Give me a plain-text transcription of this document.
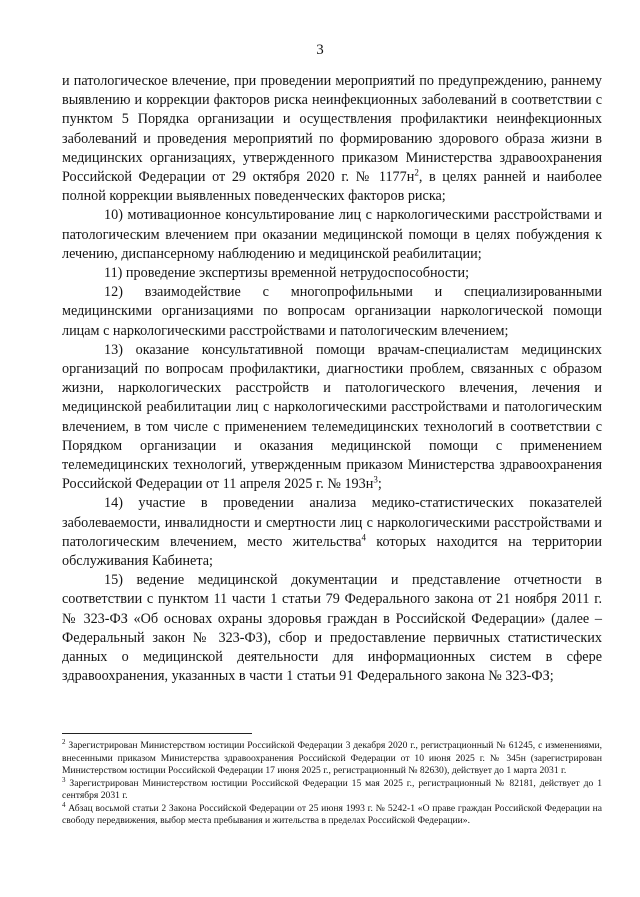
3

и патологическое влечение, при проведении мероприятий по предупреждению, раннему выявлению и коррекции факторов риска неинфекционных заболеваний в соответствии с пунктом 5 Порядка организации и осуществления профилактики неинфекционных заболеваний и проведения мероприятий по формированию здорового образа жизни в медицинских организациях, утвержденного приказом Министерства здравоохранения Российской Федерации от 29 октября 2020 г. № $1177н^2$, в целях ранней и наиболее полной коррекции выявленных поведенческих факторов риска;

10) мотивационное консультирование лиц с наркологическими расстройствами и патологическим влечением при оказании медицинской помощи в целях побуждения к лечению, диспансерному наблюдению и медицинской реабилитации;

11) проведение экспертизы временной нетрудоспособности;

12) взаимодействие с многопрофильными и специализированными медицинскими организациями по вопросам организации наркологической помощи лицам с наркологическими расстройствами и патологическим влечением;

13) оказание консультативной помощи врачам-специалистам медицинских организаций по вопросам профилактики, диагностики проблем, связанных с образом жизни, наркологических расстройств и патологического влечения, лечения и медицинской реабилитации лиц с наркологическими расстройствами и патологическим влечением, в том числе с применением телемедицинских технологий в соответствии с Порядком организации и оказания медицинской помощи с применением телемедицинских технологий, утвержденным приказом Министерства здравоохранения Российской Федерации от 11 апреля 2025 г. № $193н^3$;

14) участие в проведении анализа медико-статистических показателей заболеваемости, инвалидности и смертности лиц с наркологическими расстройствами и патологическим влечением, место жительства$^4$ которых находится на территории обслуживания Кабинета;

15) ведение медицинской документации и представление отчетности в соответствии с пунктом 11 части 1 статьи 79 Федерального закона от 21 ноября 2011 г. № 323-ФЗ «Об основах охраны здоровья граждан в Российской Федерации» (далее – Федеральный закон № 323-ФЗ), сбор и предоставление первичных статистических данных о медицинской деятельности для информационных систем в сфере здравоохранения, указанных в части 1 статьи 91 Федерального закона № 323-ФЗ;

$^2$ Зарегистрирован Министерством юстиции Российской Федерации 3 декабря 2020 г., регистрационный № 61245, с изменениями, внесенными приказом Министерства здравоохранения Российской Федерации от 10 июня 2025 г. № 345н (зарегистрирован Министерством юстиции Российской Федерации 17 июня 2025 г., регистрационный № 82630), действует до 1 марта 2031 г.

$^3$ Зарегистрирован Министерством юстиции Российской Федерации 15 мая 2025 г., регистрационный № 82181, действует до 1 сентября 2031 г.

$^4$ Абзац восьмой статьи 2 Закона Российской Федерации от 25 июня 1993 г. № 5242-1 «О праве граждан Российской Федерации на свободу передвижения, выбор места пребывания и жительства в пределах Российской Федерации».
